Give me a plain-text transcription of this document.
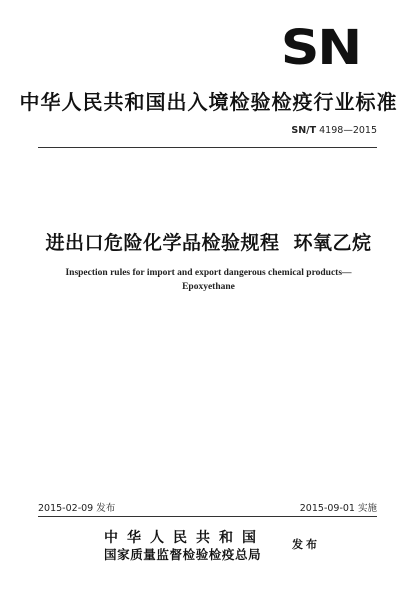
SN
中华人民共和国出入境检验检疫行业标准
SN/T 4198—2015
进出口危险化学品检验规程 环氧乙烷
Inspection rules for import and export dangerous chemical products—
Epoxyethane
2015-02-09 发布	2015-09-01 实施
中华人民共和国
国家质量监督检验检疫总局
发布
